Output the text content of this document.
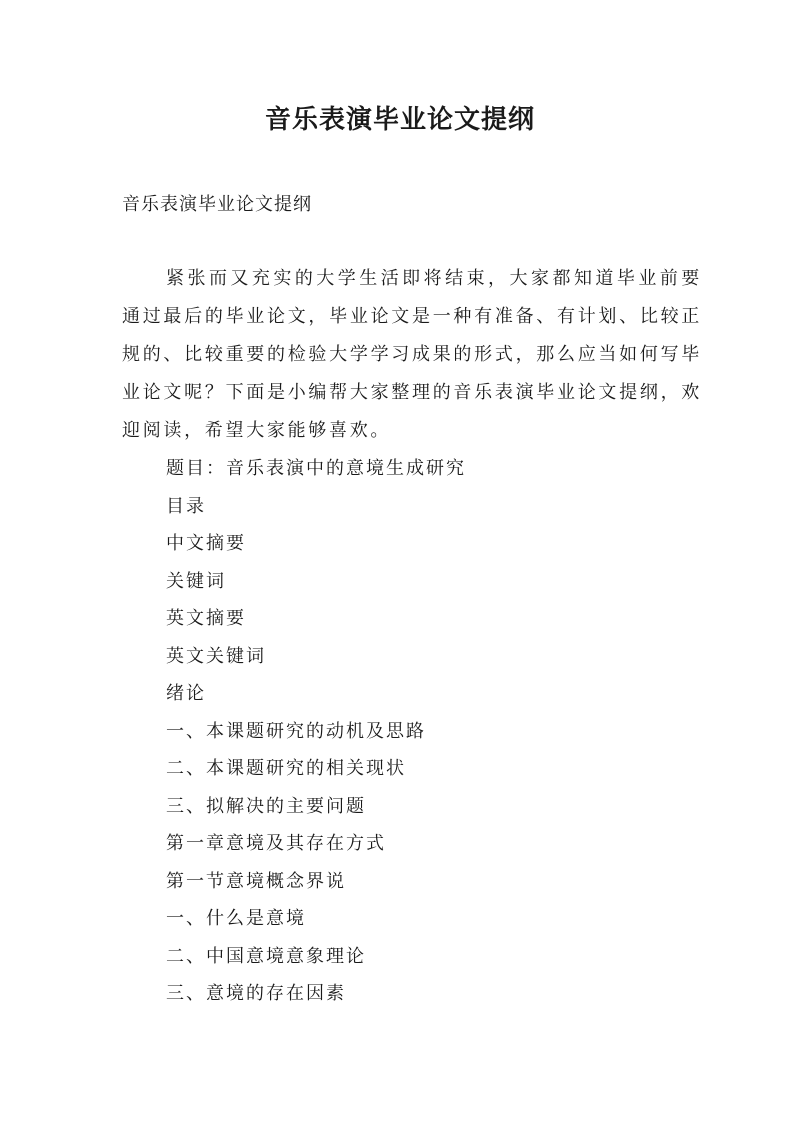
音乐表演毕业论文提纲

音乐表演毕业论文提纲

紧张而又充实的大学生活即将结束，大家都知道毕业前要通过最后的毕业论文，毕业论文是一种有准备、有计划、比较正规的、比较重要的检验大学学习成果的形式，那么应当如何写毕业论文呢？下面是小编帮大家整理的音乐表演毕业论文提纲，欢迎阅读，希望大家能够喜欢。

题目：音乐表演中的意境生成研究
目录
中文摘要
关键词
英文摘要
英文关键词
绪论
一、本课题研究的动机及思路
二、本课题研究的相关现状
三、拟解决的主要问题
第一章意境及其存在方式
第一节意境概念界说
一、什么是意境
二、中国意境意象理论
三、意境的存在因素
